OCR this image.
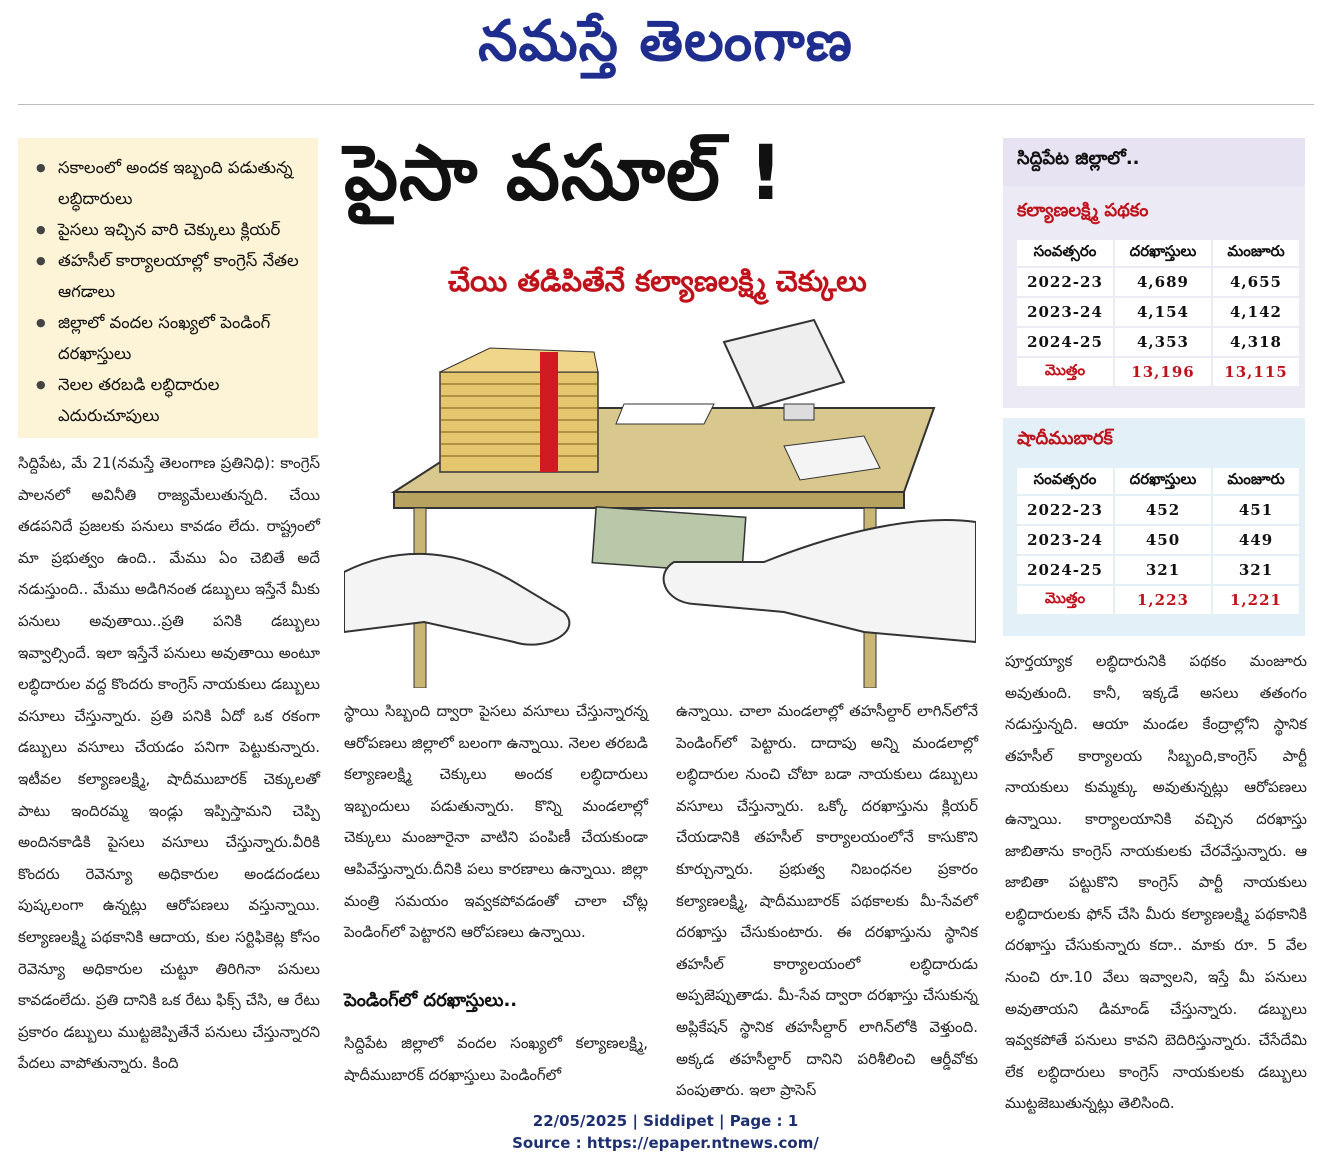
నమస్తే తెలంగాణ
● సకాలంలో అందక ఇబ్బంది పడుతున్న లబ్ధిదారులు
● పైసలు ఇచ్చిన వారి చెక్కులు క్లియర్
● తహసీల్ కార్యాలయాల్లో కాంగ్రెస్ నేతల ఆగడాలు
● జిల్లాలో వందల సంఖ్యలో పెండింగ్ దరఖాస్తులు
● నెలల తరబడి లబ్ధిదారుల ఎదురుచూపులు
పైసా వసూల్ !
చేయి తడిపితేనే కల్యాణలక్ష్మి చెక్కులు
సిద్దిపేట, మే 21(నమస్తే తెలంగాణ ప్రతినిధి): కాంగ్రెస్ పాలనలో అవినీతి రాజ్యమేలుతున్నది. చేయి తడపనిదే ప్రజలకు పనులు కావడం లేదు. రాష్ట్రంలో మా ప్రభుత్వం ఉంది.. మేము ఏం చెబితే అదే నడుస్తుంది.. మేము అడిగినంత డబ్బులు ఇస్తేనే మీకు పనులు అవుతాయి..ప్రతి పనికి డబ్బులు ఇవ్వాల్సిందే. ఇలా ఇస్తేనే పనులు అవుతాయి అంటూ లబ్ధిదారుల వద్ద కొందరు కాంగ్రెస్ నాయకులు డబ్బులు వసూలు చేస్తున్నారు. ప్రతి పనికి ఏదో ఒక రకంగా డబ్బులు వసూలు చేయడం పనిగా పెట్టుకున్నారు. ఇటీవల కల్యాణలక్ష్మి, షాదీముబారక్ చెక్కులతో పాటు ఇందిరమ్మ ఇండ్లు ఇప్పిస్తామని చెప్పి అందినకాడికి పైసలు వసూలు చేస్తున్నారు.వీరికి కొందరు రెవెన్యూ అధికారుల అండదండలు పుష్కలంగా ఉన్నట్లు ఆరోపణలు వస్తున్నాయి. కల్యాణలక్ష్మి పథకానికి ఆదాయ, కుల సర్టిఫికెట్ల కోసం రెవెన్యూ అధికారుల చుట్టూ తిరిగినా పనులు కావడంలేదు. ప్రతి దానికి ఒక రేటు ఫిక్స్ చేసి, ఆ రేటు ప్రకారం డబ్బులు ముట్టజెప్పితేనే పనులు చేస్తున్నారని పేదలు వాపోతున్నారు. కింది
స్థాయి సిబ్బంది ద్వారా పైసలు వసూలు చేస్తున్నారన్న ఆరోపణలు జిల్లాలో బలంగా ఉన్నాయి. నెలల తరబడి కల్యాణలక్ష్మి చెక్కులు అందక లబ్ధిదారులు ఇబ్బందులు పడుతున్నారు. కొన్ని మండలాల్లో చెక్కులు మంజూరైనా వాటిని పంపిణీ చేయకుండా ఆపివేస్తున్నారు.దీనికి పలు కారణాలు ఉన్నాయి. జిల్లా మంత్రి సమయం ఇవ్వకపోవడంతో చాలా చోట్ల పెండింగ్‌లో పెట్టారని ఆరోపణలు ఉన్నాయి.
పెండింగ్‌లో దరఖాస్తులు..
సిద్దిపేట జిల్లాలో వందల సంఖ్యలో కల్యాణలక్ష్మి, షాదీముబారక్ దరఖాస్తులు పెండింగ్‌లో
ఉన్నాయి. చాలా మండలాల్లో తహసీల్దార్ లాగిన్‌లోనే పెండింగ్‌లో పెట్టారు. దాదాపు అన్ని మండలాల్లో లబ్ధిదారుల నుంచి చోటా బడా నాయకులు డబ్బులు వసూలు చేస్తున్నారు. ఒక్కో దరఖాస్తును క్లియర్ చేయడానికి తహసీల్ కార్యాలయంలోనే కాసుకొని కూర్చున్నారు. ప్రభుత్వ నిబంధనల ప్రకారం కల్యాణలక్ష్మి, షాదీముబారక్ పథకాలకు మీ-సేవలో దరఖాస్తు చేసుకుంటారు. ఈ దరఖాస్తును స్థానిక తహసీల్ కార్యాలయంలో లబ్ధిదారుడు అప్పజెప్పుతాడు. మీ-సేవ ద్వారా దరఖాస్తు చేసుకున్న అప్లికేషన్ స్థానిక తహసీల్దార్ లాగిన్‌లోకి వెళ్తుంది. అక్కడ తహసీల్దార్ దానిని పరిశీలించి ఆర్డీవోకు పంపుతారు. ఇలా ప్రాసెస్
పూర్తయ్యాక లబ్ధిదారునికి పథకం మంజూరు అవుతుంది. కానీ, ఇక్కడే అసలు తతంగం నడుస్తున్నది. ఆయా మండల కేంద్రాల్లోని స్థానిక తహసీల్ కార్యాలయ సిబ్బంది,కాంగ్రెస్ పార్టీ నాయకులు కుమ్మక్కు అవుతున్నట్లు ఆరోపణలు ఉన్నాయి. కార్యాలయానికి వచ్చిన దరఖాస్తు జాబితాను కాంగ్రెస్ నాయకులకు చేరవేస్తున్నారు. ఆ జాబితా పట్టుకొని కాంగ్రెస్ పార్టీ నాయకులు లబ్ధిదారులకు ఫోన్ చేసి మీరు కల్యాణలక్ష్మి పథకానికి దరఖాస్తు చేసుకున్నారు కదా.. మాకు రూ. 5 వేల నుంచి రూ.10 వేలు ఇవ్వాలని, ఇస్తే మీ పనులు అవుతాయని డిమాండ్ చేస్తున్నారు. డబ్బులు ఇవ్వకపోతే పనులు కావని బెదిరిస్తున్నారు. చేసేదేమి లేక లబ్ధిదారులు కాంగ్రెస్ నాయకులకు డబ్బులు ముట్టజెబుతున్నట్లు తెలిసింది.
సిద్దిపేట జిల్లాలో..
కల్యాణలక్ష్మి పథకం
సంవత్సరం	దరఖాస్తులు	మంజూరు
2022-23	4,689	4,655
2023-24	4,154	4,142
2024-25	4,353	4,318
మొత్తం	13,196	13,115
షాదీముబారక్
సంవత్సరం	దరఖాస్తులు	మంజూరు
2022-23	452	451
2023-24	450	449
2024-25	321	321
మొత్తం	1,223	1,221
22/05/2025 | Siddipet | Page : 1
Source : https://epaper.ntnews.com/
